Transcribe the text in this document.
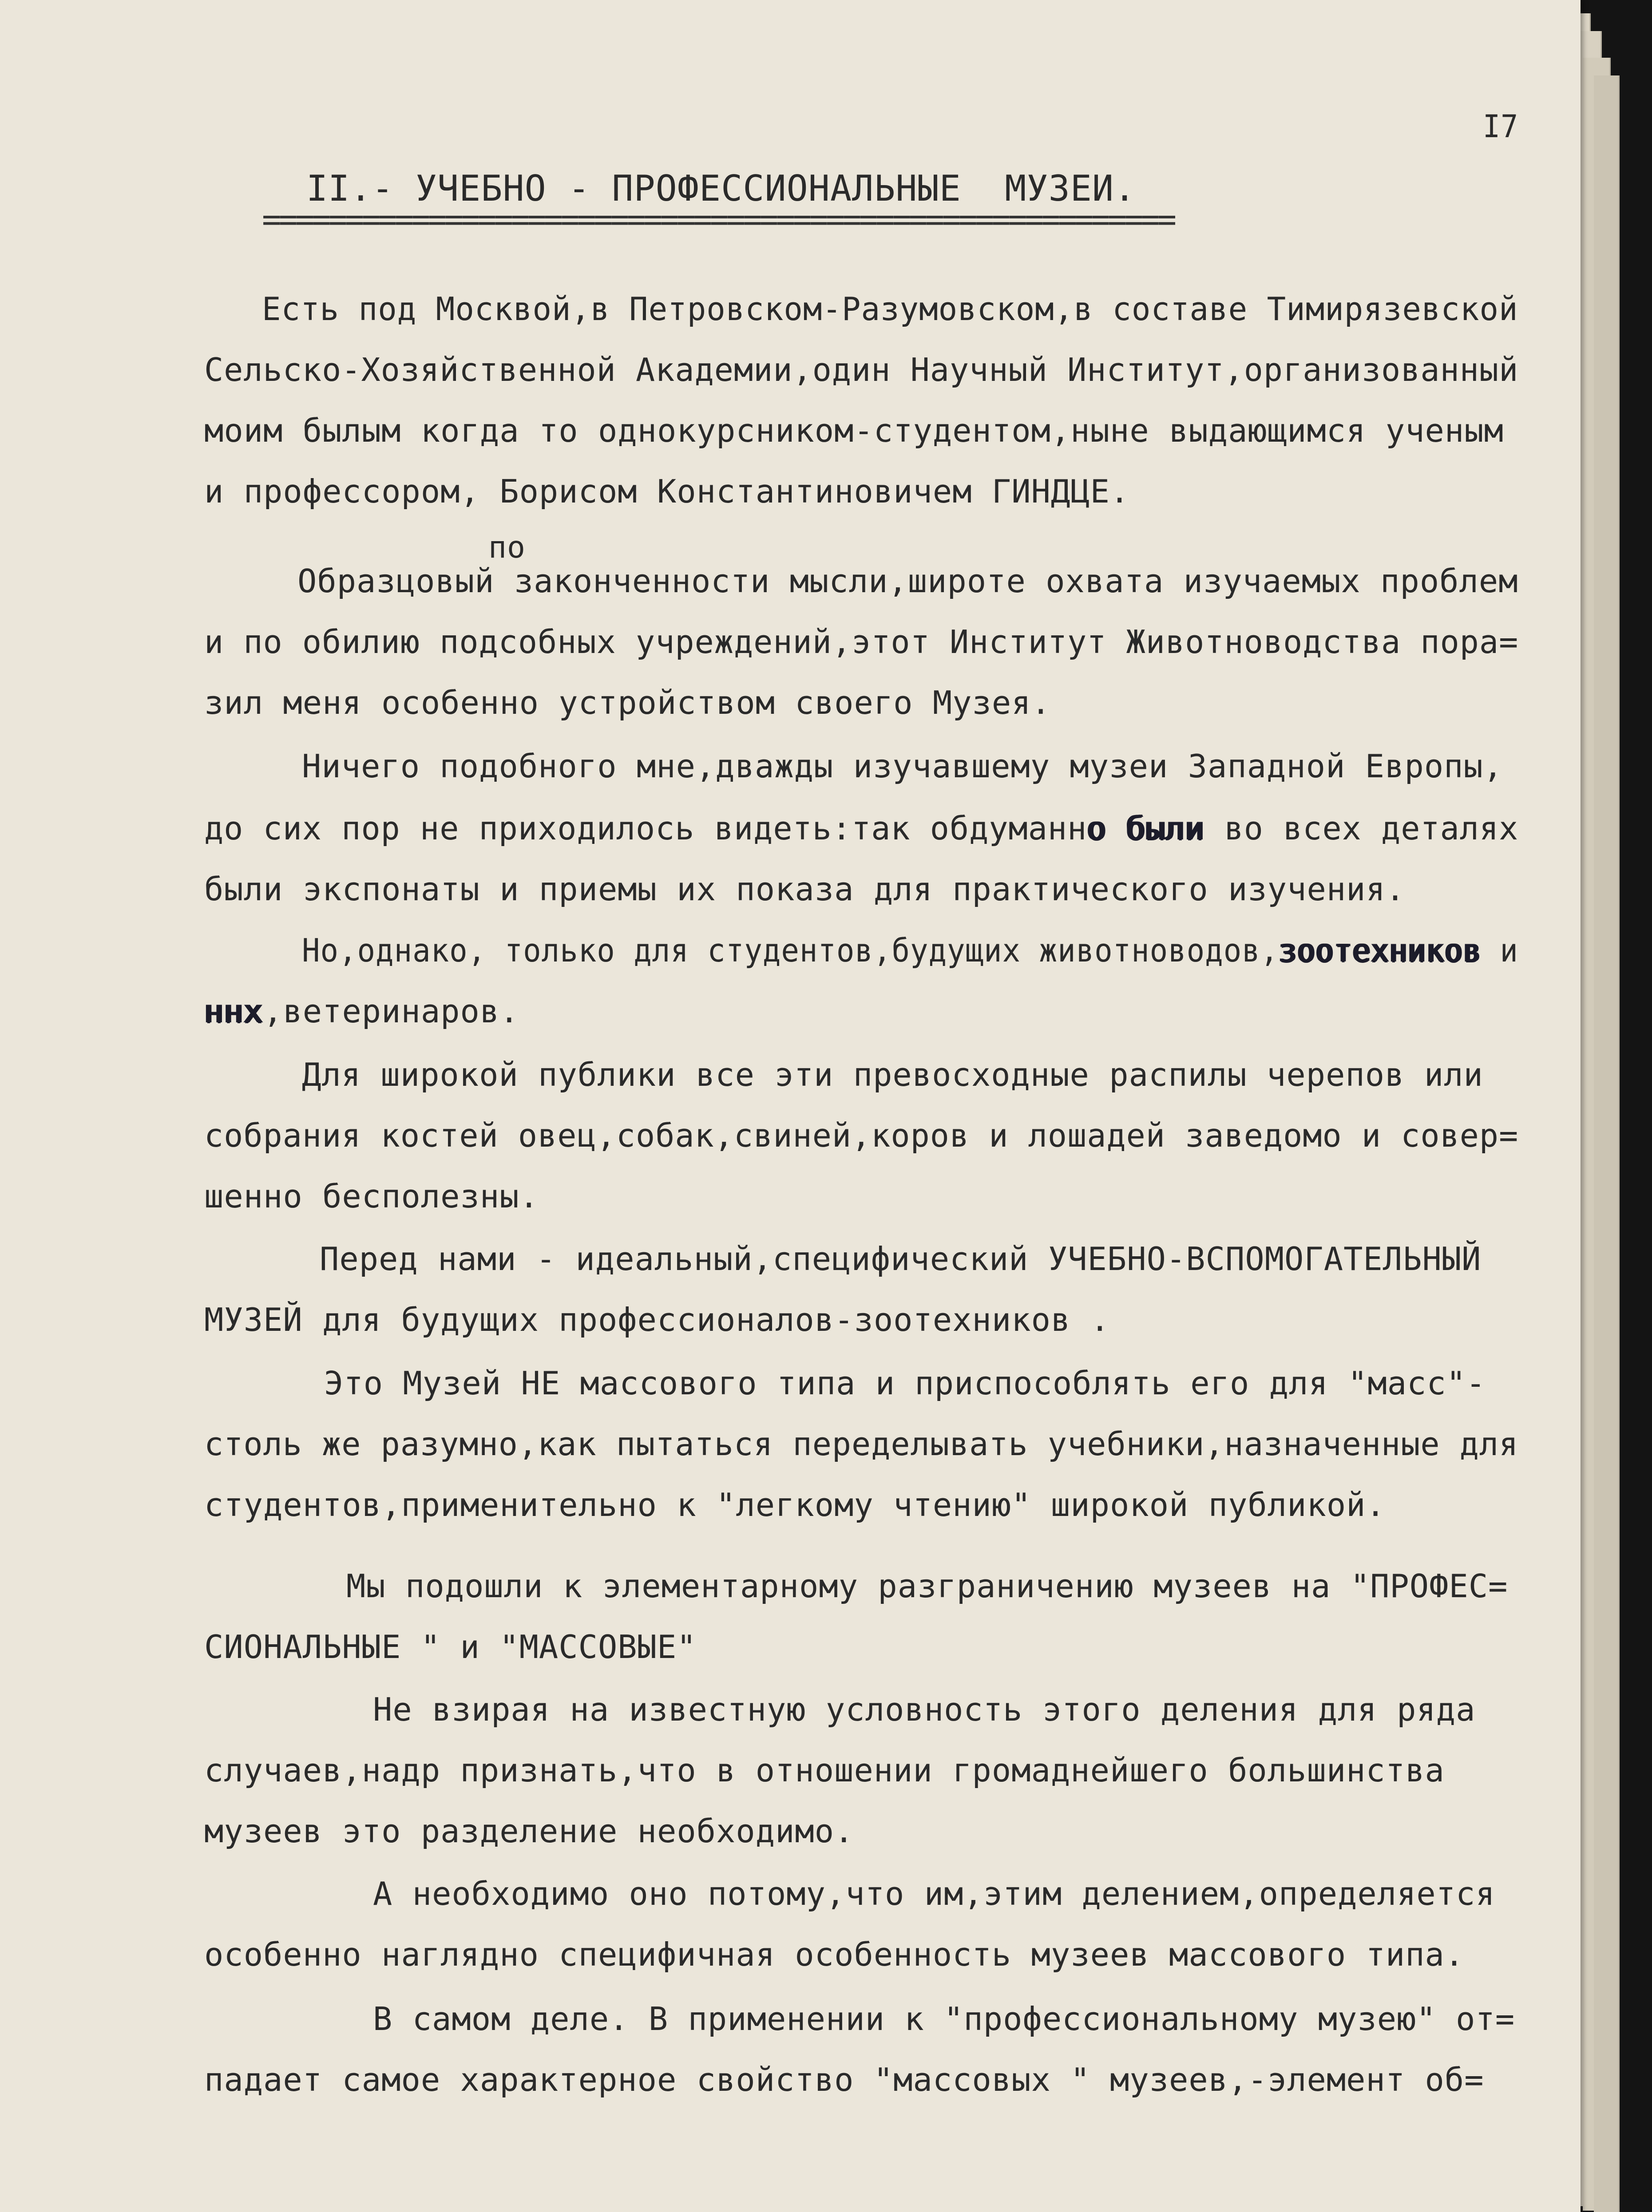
I7
II.- УЧЕБНО - ПРОФЕССИОНАЛЬНЫЕ  МУЗЕИ.
=======================================================
Есть под Москвой,в Петровском-Разумовском,в составе Тимирязевской
Сельско-Хозяйственной Академии,один Научный Институт,организованный
моим былым когда то однокурсником-студентом,ныне выдающимся ученым
и профессором, Борисом Константиновичем ГИНДЦЕ.
по
Образцовый законченности мысли,широте охвата изучаемых проблем
и по обилию подсобных учреждений,этот Институт Животноводства пора=
зил меня особенно устройством своего Музея.
Ничего подобного мне,дважды изучавшему музеи Западной Европы,
до сих пор не приходилось видеть:так обдуманно были во всех деталях
были экспонаты и приемы их показа для практического изучения.
Но,однако, только для студентов,будущих животноводов,зоотехников и
ннх,ветеринаров.
Для широкой публики все эти превосходные распилы черепов или
собрания костей овец,собак,свиней,коров и лошадей заведомо и совер=
шенно бесполезны.
Перед нами - идеальный,специфический УЧЕБНО-ВСПОМОГАТЕЛЬНЫЙ
МУЗЕЙ для будущих профессионалов-зоотехников .
Это Музей НЕ массового типа и приспособлять его для "масс"-
столь же разумно,как пытаться переделывать учебники,назначенные для
студентов,применительно к "легкому чтению" широкой публикой.
Мы подошли к элементарному разграничению музеев на "ПРОФЕС=
СИОНАЛЬНЫЕ " и "МАССОВЫЕ"
Не взирая на известную условность этого деления для ряда
случаев,надр признать,что в отношении громаднейшего большинства
музеев это разделение необходимо.
А необходимо оно потому,что им,этим делением,определяется
особенно наглядно специфичная особенность музеев массового типа.
В самом деле. В применении к "профессиональному музею" от=
падает самое характерное свойство "массовых " музеев,-элемент об=
